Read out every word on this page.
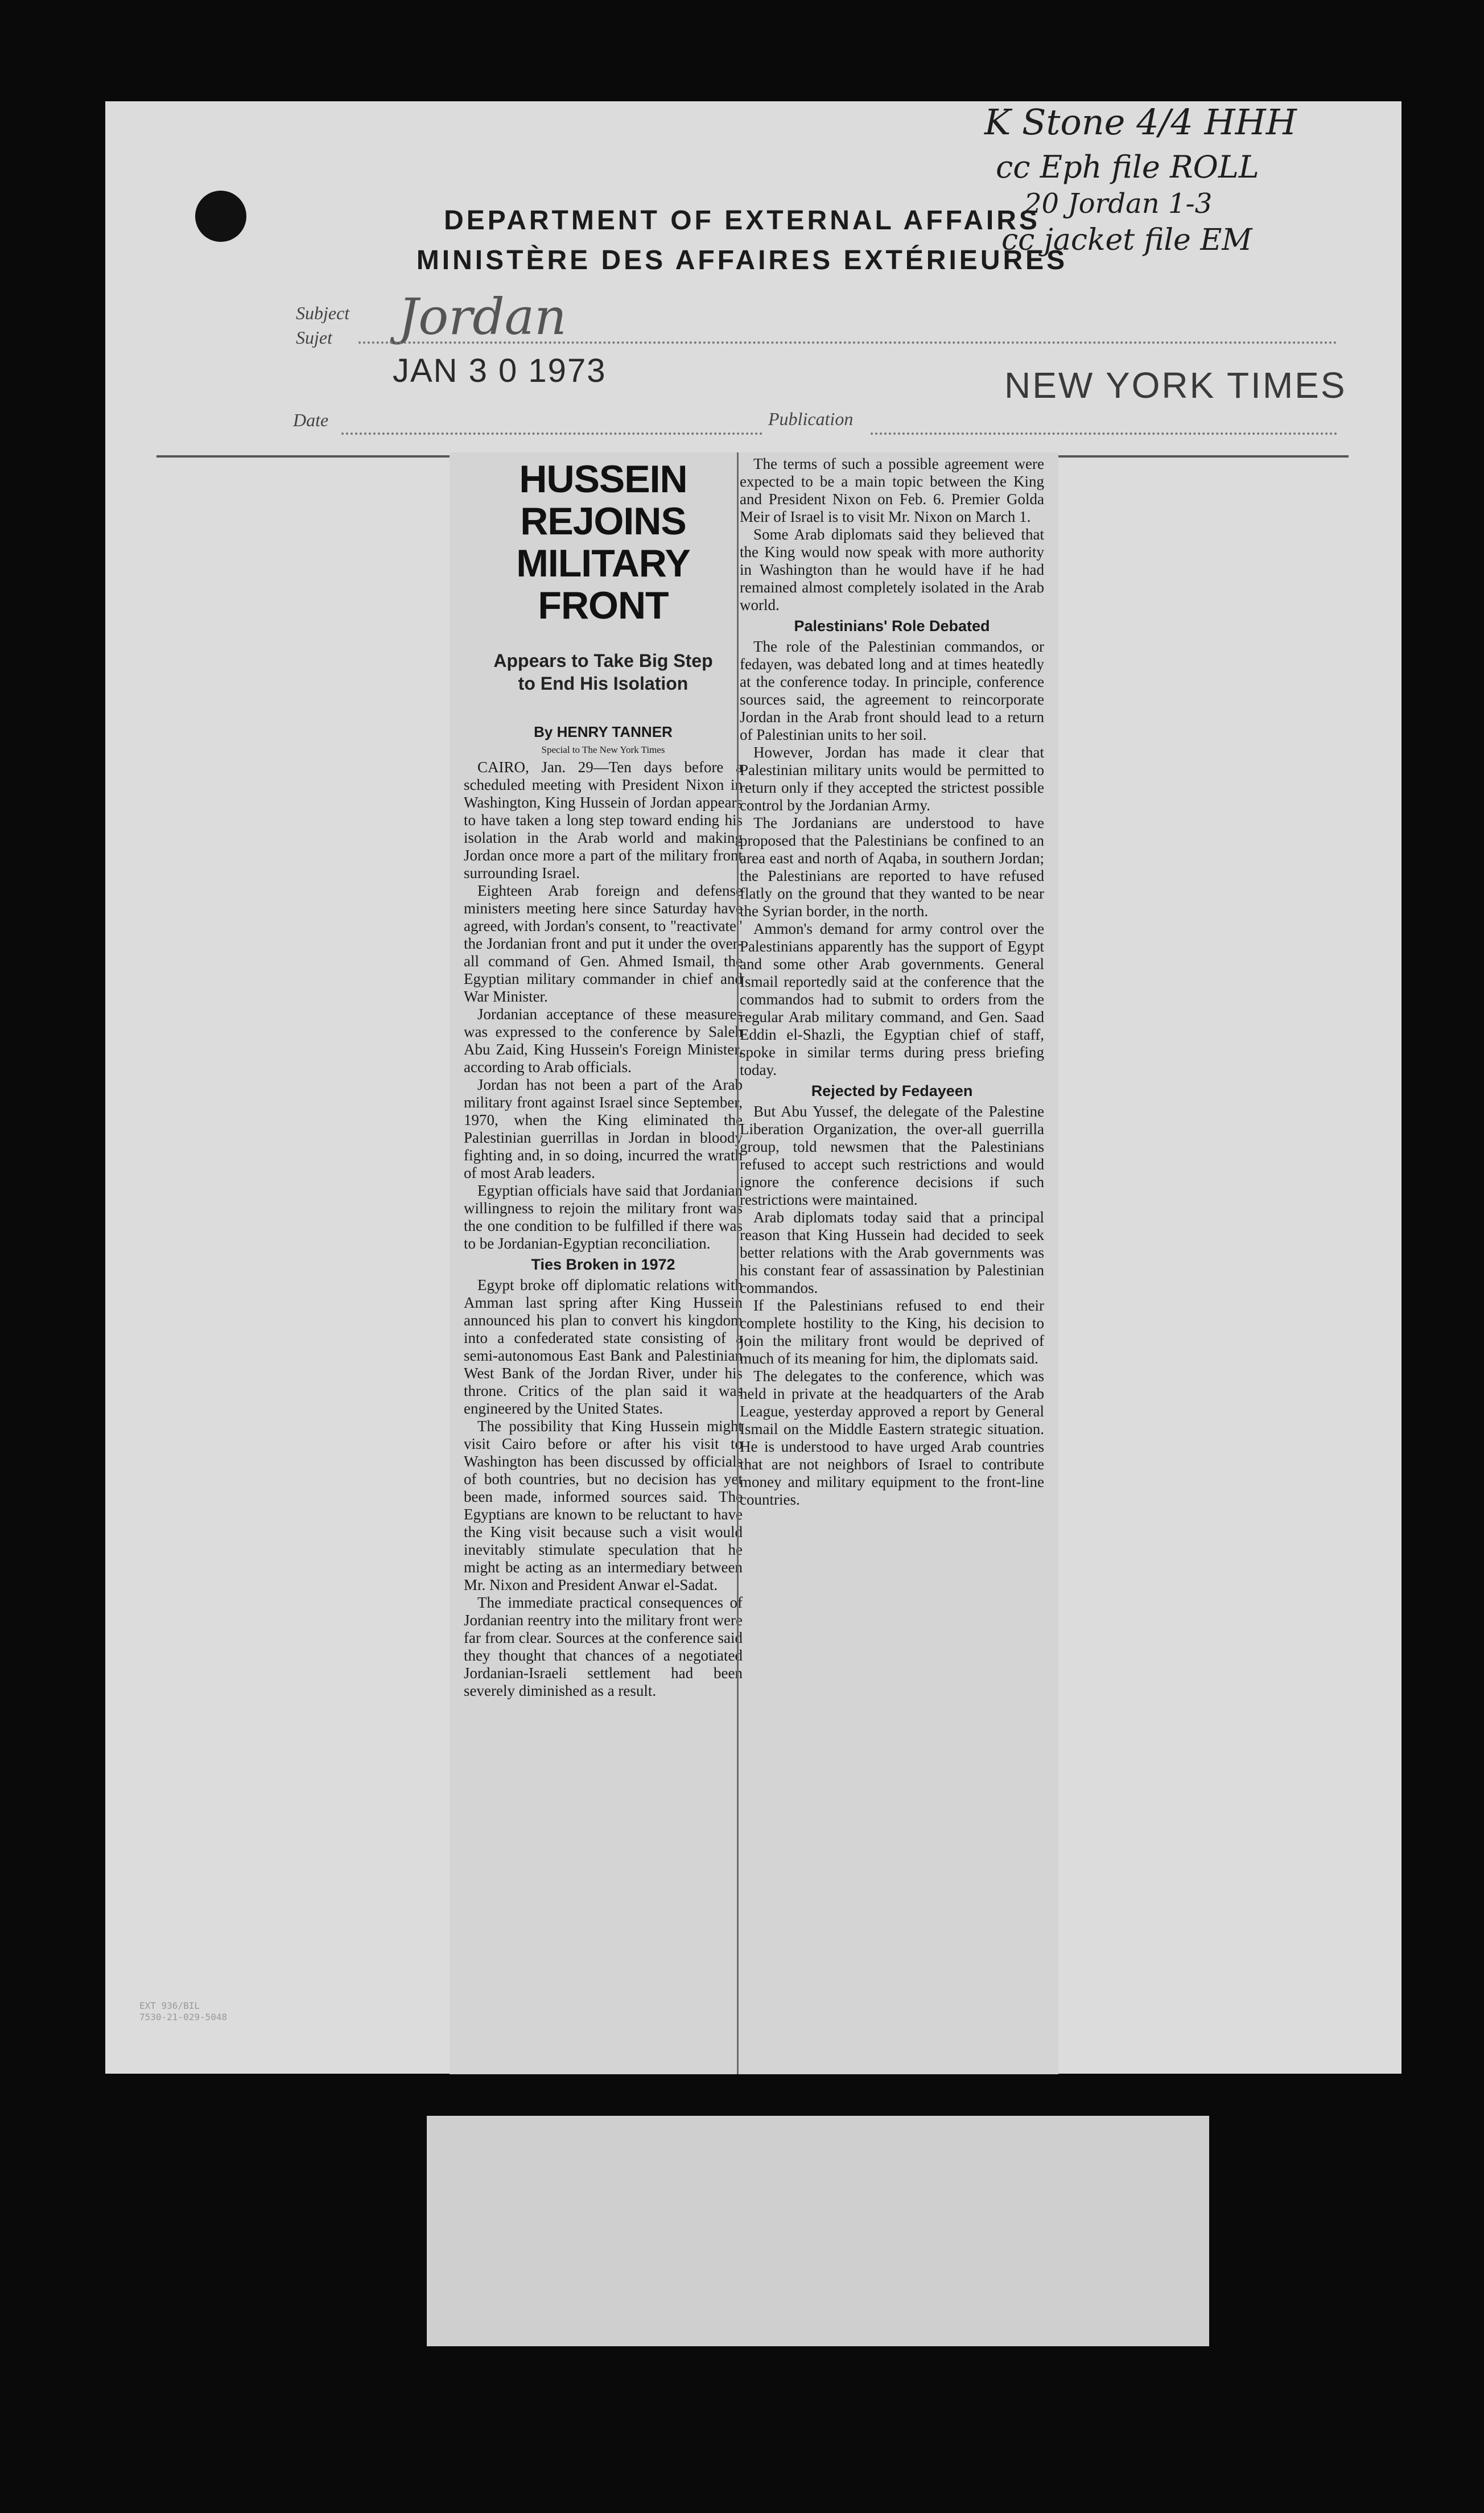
DEPARTMENT OF EXTERNAL AFFAIRS
MINISTÈRE DES AFFAIRES EXTÉRIEURES
K Stone 4/4 HHH
cc Eph file ROLL
20 Jordan 1-3
cc jacket file EM
Subject
Sujet Jordan
JAN 3 0 1973
Date
NEW YORK TIMES
Publication
HUSSEIN REJOINS
MILITARY FRONT
Appears to Take Big Step
to End His Isolation

By HENRY TANNER

Special to The New York Times

CAIRO, Jan. 29—Ten days before a scheduled meeting with President Nixon in Washington, King Hussein of Jordan appears to have taken a long step toward ending his isolation in the Arab world and making Jordan once more a part of the military front surrounding Israel.

Eighteen Arab foreign and defense ministers meeting here since Saturday have agreed, with Jordan's consent, to "reactivate" the Jordanian front and put it under the over-all command of Gen. Ahmed Ismail, the Egyptian military commander in chief and War Minister.

Jordanian acceptance of these measures was expressed to the conference by Saleh Abu Zaid, King Hussein's Foreign Minister, according to Arab officials.

Jordan has not been a part of the Arab military front against Israel since September, 1970, when the King eliminated the Palestinian guerrillas in Jordan in bloody fighting and, in so doing, incurred the wrath of most Arab leaders.

Egyptian officials have said that Jordanian willingness to rejoin the military front was the one condition to be fulfilled if there was to be Jordanian-Egyptian reconciliation.

Ties Broken in 1972

Egypt broke off diplomatic relations with Amman last spring after King Hussein announced his plan to convert his kingdom into a confederated state consisting of a semi-autonomous East Bank and Palestinian West Bank of the Jordan River, under his throne. Critics of the plan said it was engineered by the United States.

The possibility that King Hussein might visit Cairo before or after his visit to Washington has been discussed by officials of both countries, but no decision has yet been made, informed sources said. The Egyptians are known to be reluctant to have the King visit because such a visit would inevitably stimulate speculation that he might be acting as an intermediary between Mr. Nixon and President Anwar el-Sadat.

The immediate practical consequences of Jordanian reentry into the military front were far from clear. Sources at the conference said they thought that chances of a negotiated Jordanian-Israeli settlement had been severely diminished as a result.

The terms of such a possible agreement were expected to be a main topic between the King and President Nixon on Feb. 6. Premier Golda Meir of Israel is to visit Mr. Nixon on March 1.

Some Arab diplomats said they believed that the King would now speak with more authority in Washington than he would have if he had remained almost completely isolated in the Arab world.

Palestinians' Role Debated

The role of the Palestinian commandos, or fedayen, was debated long and at times heatedly at the conference today. In principle, conference sources said, the agreement to reincorporate Jordan in the Arab front should lead to a return of Palestinian units to her soil.

However, Jordan has made it clear that Palestinian military units would be permitted to return only if they accepted the strictest possible control by the Jordanian Army.

The Jordanians are understood to have proposed that the Palestinians be confined to an area east and north of Aqaba, in southern Jordan; the Palestinians are reported to have refused flatly on the ground that they wanted to be near the Syrian border, in the north.

Ammon's demand for army control over the Palestinians apparently has the support of Egypt and some other Arab governments. General Ismail reportedly said at the conference that the commandos had to submit to orders from the regular Arab military command, and Gen. Saad Eddin el-Shazli, the Egyptian chief of staff, spoke in similar terms during press briefing today.

Rejected by Fedayeen

But Abu Yussef, the delegate of the Palestine Liberation Organization, the over-all guerrilla group, told newsmen that the Palestinians refused to accept such restrictions and would ignore the conference decisions if such restrictions were maintained.

Arab diplomats today said that a principal reason that King Hussein had decided to seek better relations with the Arab governments was his constant fear of assassination by Palestinian commandos.

If the Palestinians refused to end their complete hostility to the King, his decision to join the military front would be deprived of much of its meaning for him, the diplomats said.

The delegates to the conference, which was held in private at the headquarters of the Arab League, yesterday approved a report by General Ismail on the Middle Eastern strategic situation. He is understood to have urged Arab countries that are not neighbors of Israel to contribute money and military equipment to the front-line countries.

EXT 936/BIL
7530-21-029-5048
